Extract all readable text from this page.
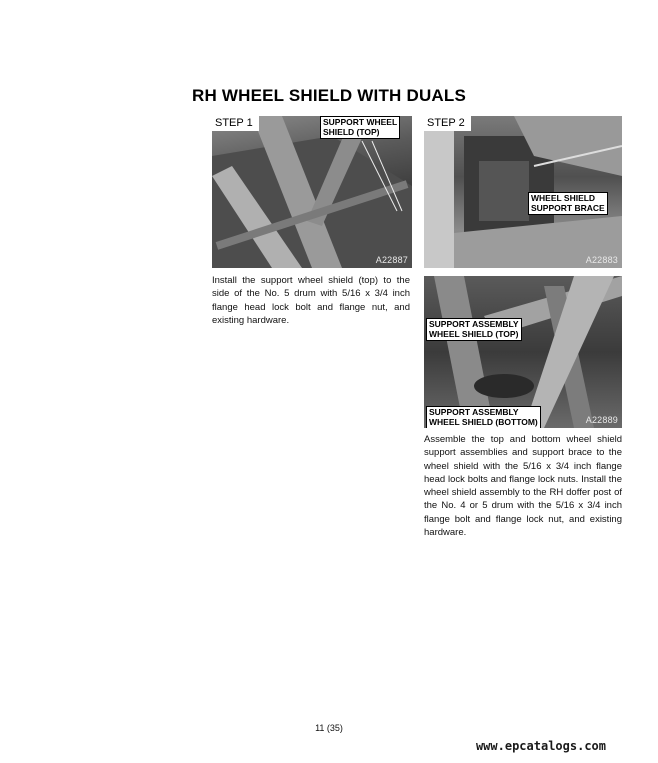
RH WHEEL SHIELD WITH DUALS
STEP 1	SUPPORT WHEEL
SHIELD (TOP)
A22887
Install the support wheel shield (top) to the side of the No. 5 drum with 5/16 x 3/4 inch flange head lock bolt and flange nut, and existing hardware.
STEP 2
WHEEL SHIELD
SUPPORT BRACE
A22883
SUPPORT ASSEMBLY
WHEEL SHIELD (TOP)
SUPPORT ASSEMBLY
WHEEL SHIELD (BOTTOM)	A22889
Assemble the top and bottom wheel shield support assemblies and support brace to the wheel shield with the 5/16 x 3/4 inch flange head lock bolts and flange lock nuts. Install the wheel shield assembly to the RH doffer post of the No. 4 or 5 drum with the 5/16 x 3/4 inch flange bolt and flange lock nut, and existing hardware.
11 (35)
www.epcatalogs.com
